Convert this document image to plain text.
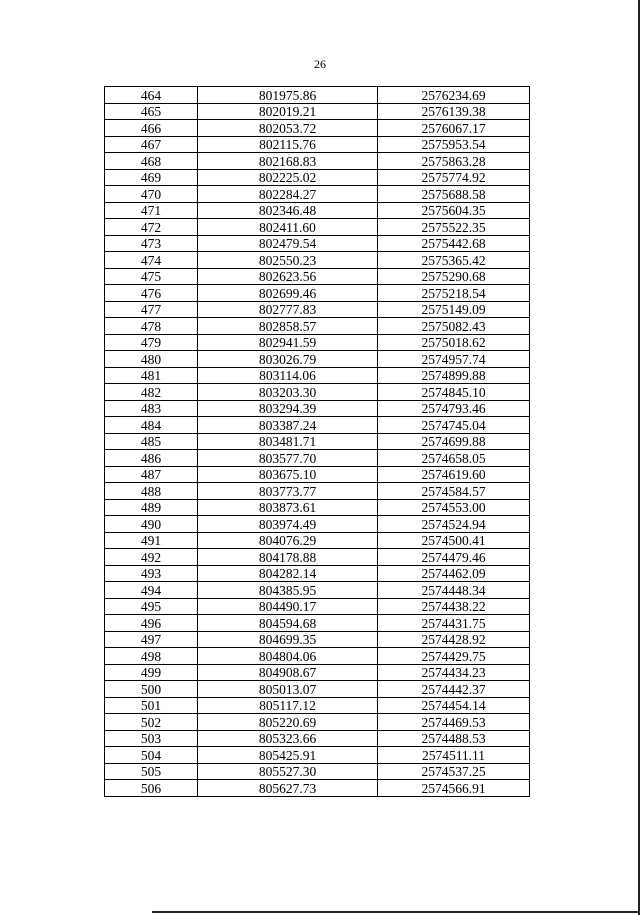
26
464	801975.86	2576234.69
465	802019.21	2576139.38
466	802053.72	2576067.17
467	802115.76	2575953.54
468	802168.83	2575863.28
469	802225.02	2575774.92
470	802284.27	2575688.58
471	802346.48	2575604.35
472	802411.60	2575522.35
473	802479.54	2575442.68
474	802550.23	2575365.42
475	802623.56	2575290.68
476	802699.46	2575218.54
477	802777.83	2575149.09
478	802858.57	2575082.43
479	802941.59	2575018.62
480	803026.79	2574957.74
481	803114.06	2574899.88
482	803203.30	2574845.10
483	803294.39	2574793.46
484	803387.24	2574745.04
485	803481.71	2574699.88
486	803577.70	2574658.05
487	803675.10	2574619.60
488	803773.77	2574584.57
489	803873.61	2574553.00
490	803974.49	2574524.94
491	804076.29	2574500.41
492	804178.88	2574479.46
493	804282.14	2574462.09
494	804385.95	2574448.34
495	804490.17	2574438.22
496	804594.68	2574431.75
497	804699.35	2574428.92
498	804804.06	2574429.75
499	804908.67	2574434.23
500	805013.07	2574442.37
501	805117.12	2574454.14
502	805220.69	2574469.53
503	805323.66	2574488.53
504	805425.91	2574511.11
505	805527.30	2574537.25
506	805627.73	2574566.91
